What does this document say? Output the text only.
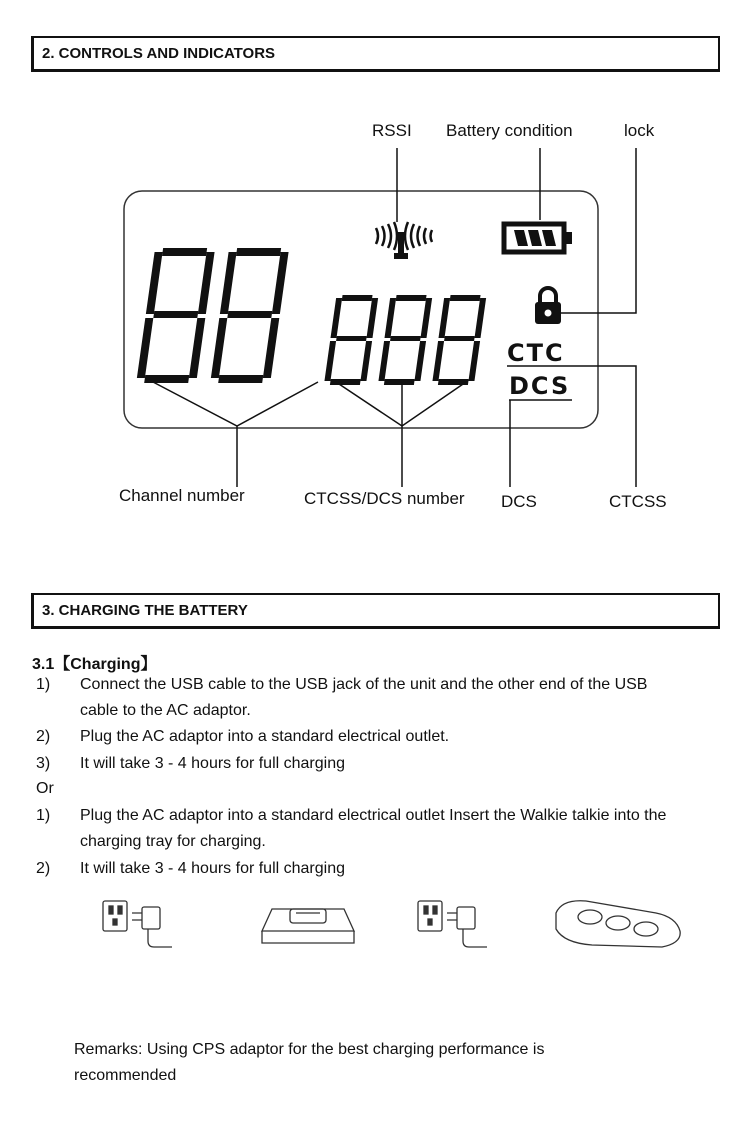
2. CONTROLS AND INDICATORS
CTC
DCS
RSSI Battery condition	lock
Channel number	CTCSS/DCS number DCS	CTCSS
3. CHARGING THE BATTERY
3.1【Charging】
1) Connect the USB cable to the USB jack of the unit and the other end of the USB cable to the AC adaptor.
2) Plug the AC adaptor into a standard electrical outlet.
3) It will take 3 - 4 hours for full charging
Or
1) Plug the AC adaptor into a standard electrical outlet Insert the Walkie talkie into the charging tray for charging.
2) It will take 3 - 4 hours for full charging
Remarks: Using CPS adaptor for the best charging performance is recommended
